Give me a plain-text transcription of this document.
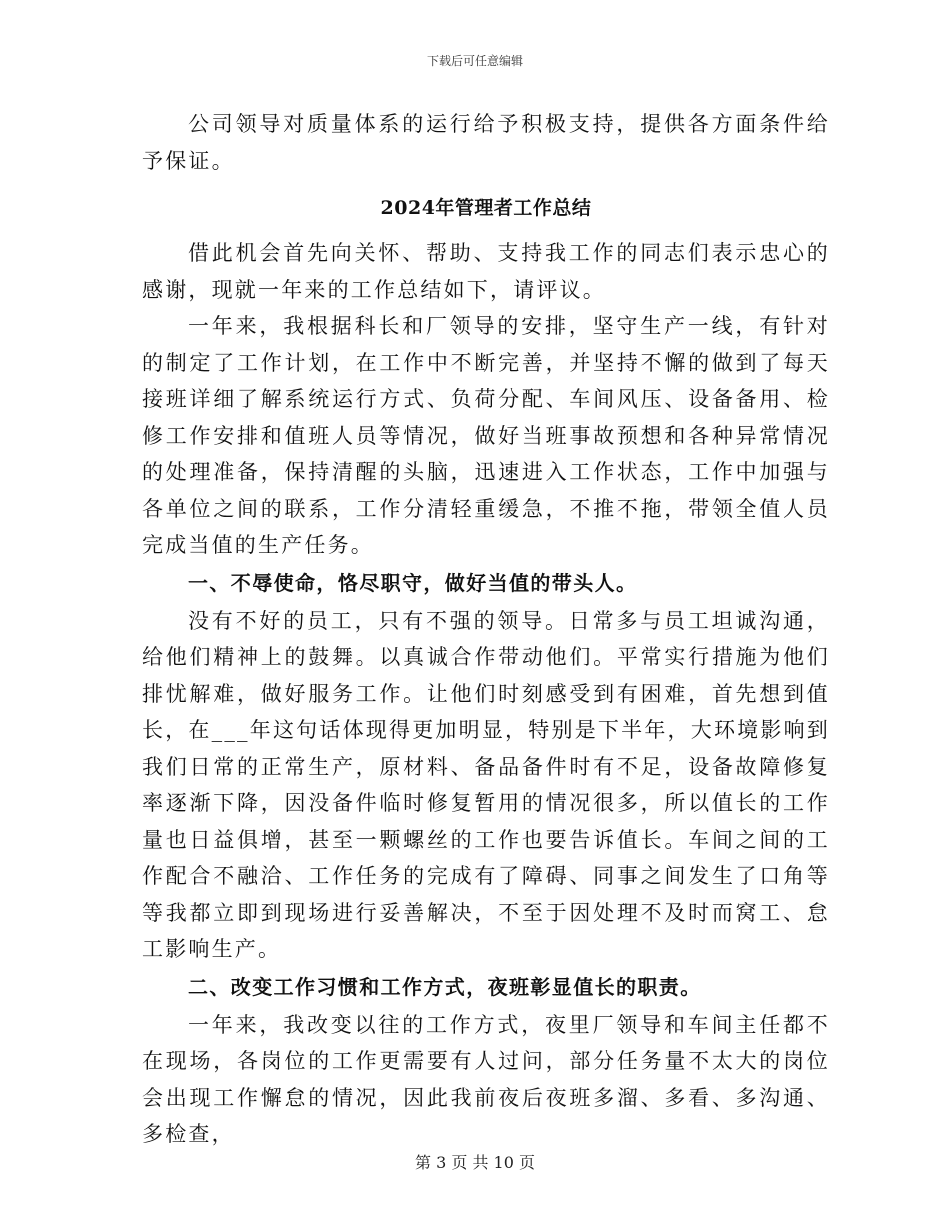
下载后可任意编辑

公司领导对质量体系的运行给予积极支持，提供各方面条件给予保证。

2024年管理者工作总结

借此机会首先向关怀、帮助、支持我工作的同志们表示忠心的感谢，现就一年来的工作总结如下，请评议。

一年来，我根据科长和厂领导的安排，坚守生产一线，有针对的制定了工作计划，在工作中不断完善，并坚持不懈的做到了每天接班详细了解系统运行方式、负荷分配、车间风压、设备备用、检修工作安排和值班人员等情况，做好当班事故预想和各种异常情况的处理准备，保持清醒的头脑，迅速进入工作状态，工作中加强与各单位之间的联系，工作分清轻重缓急，不推不拖，带领全值人员完成当值的生产任务。

一、不辱使命，恪尽职守，做好当值的带头人。

没有不好的员工，只有不强的领导。日常多与员工坦诚沟通，给他们精神上的鼓舞。以真诚合作带动他们。平常实行措施为他们排忧解难，做好服务工作。让他们时刻感受到有困难，首先想到值长，在___年这句话体现得更加明显，特别是下半年，大环境影响到我们日常的正常生产，原材料、备品备件时有不足，设备故障修复率逐渐下降，因没备件临时修复暂用的情况很多，所以值长的工作量也日益俱增，甚至一颗螺丝的工作也要告诉值长。车间之间的工作配合不融洽、工作任务的完成有了障碍、同事之间发生了口角等等我都立即到现场进行妥善解决，不至于因处理不及时而窝工、怠工影响生产。

二、改变工作习惯和工作方式，夜班彰显值长的职责。

一年来，我改变以往的工作方式，夜里厂领导和车间主任都不在现场，各岗位的工作更需要有人过问，部分任务量不太大的岗位会出现工作懈怠的情况，因此我前夜后夜班多溜、多看、多沟通、多检查，

第 3 页 共 10 页
